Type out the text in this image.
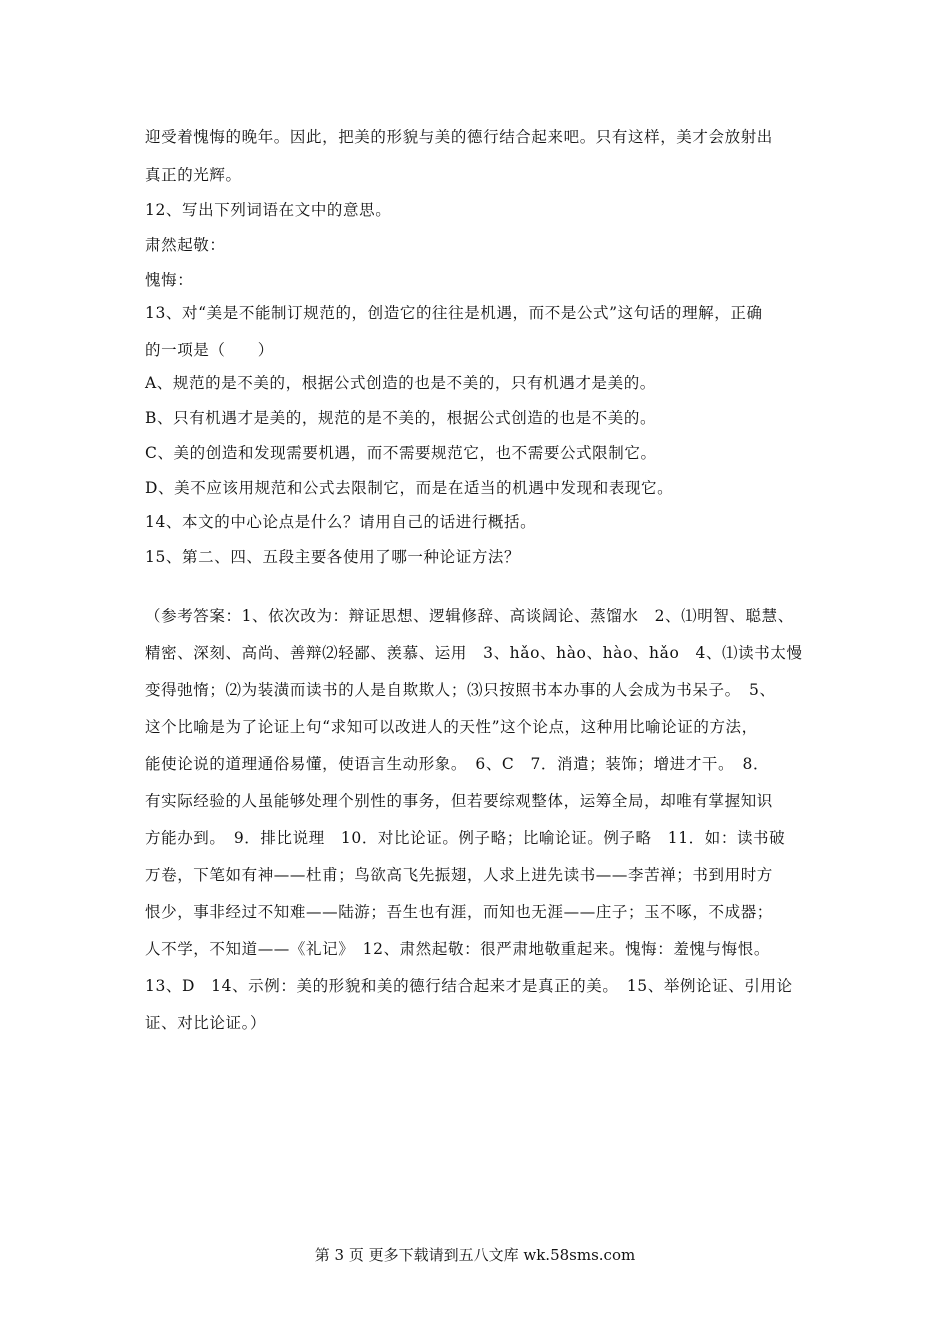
迎受着愧悔的晚年。因此，把美的形貌与美的德行结合起来吧。只有这样，美才会放射出
真正的光辉。
12、写出下列词语在文中的意思。
肃然起敬：
愧悔：
13、对“美是不能制订规范的，创造它的往往是机遇，而不是公式”这句话的理解，正确
的一项是（　　）
A、规范的是不美的，根据公式创造的也是不美的，只有机遇才是美的。
B、只有机遇才是美的，规范的是不美的，根据公式创造的也是不美的。
C、美的创造和发现需要机遇，而不需要规范它，也不需要公式限制它。
D、美不应该用规范和公式去限制它，而是在适当的机遇中发现和表现它。
14、本文的中心论点是什么？请用自己的话进行概括。
15、第二、四、五段主要各使用了哪一种论证方法？
（参考答案：1、依次改为：辩证思想、逻辑修辞、高谈阔论、蒸馏水　2、⑴明智、聪慧、
精密、深刻、高尚、善辩⑵轻鄙、羡慕、运用　3、hǎo、hào、hào、hǎo　4、⑴读书太慢
变得弛惰；⑵为装潢而读书的人是自欺欺人；⑶只按照书本办事的人会成为书呆子。　5、
这个比喻是为了论证上句“求知可以改进人的天性”这个论点，这种用比喻论证的方法，
能使论说的道理通俗易懂，使语言生动形象。　6、C　7．消遣；装饰；增进才干。　8．
有实际经验的人虽能够处理个别性的事务，但若要综观整体，运筹全局，却唯有掌握知识
方能办到。　9．排比说理　10．对比论证。例子略；比喻论证。例子略　11．如：读书破
万卷，下笔如有神——杜甫；鸟欲高飞先振翅，人求上进先读书——李苦禅；书到用时方
恨少，事非经过不知难——陆游；吾生也有涯，而知也无涯——庄子；玉不啄，不成器；
人不学，不知道——《礼记》　12、肃然起敬：很严肃地敬重起来。愧悔：羞愧与悔恨。
13、D　14、示例：美的形貌和美的德行结合起来才是真正的美。　15、举例论证、引用论
证、对比论证。）
第 3 页 更多下载请到五八文库 wk.58sms.com
